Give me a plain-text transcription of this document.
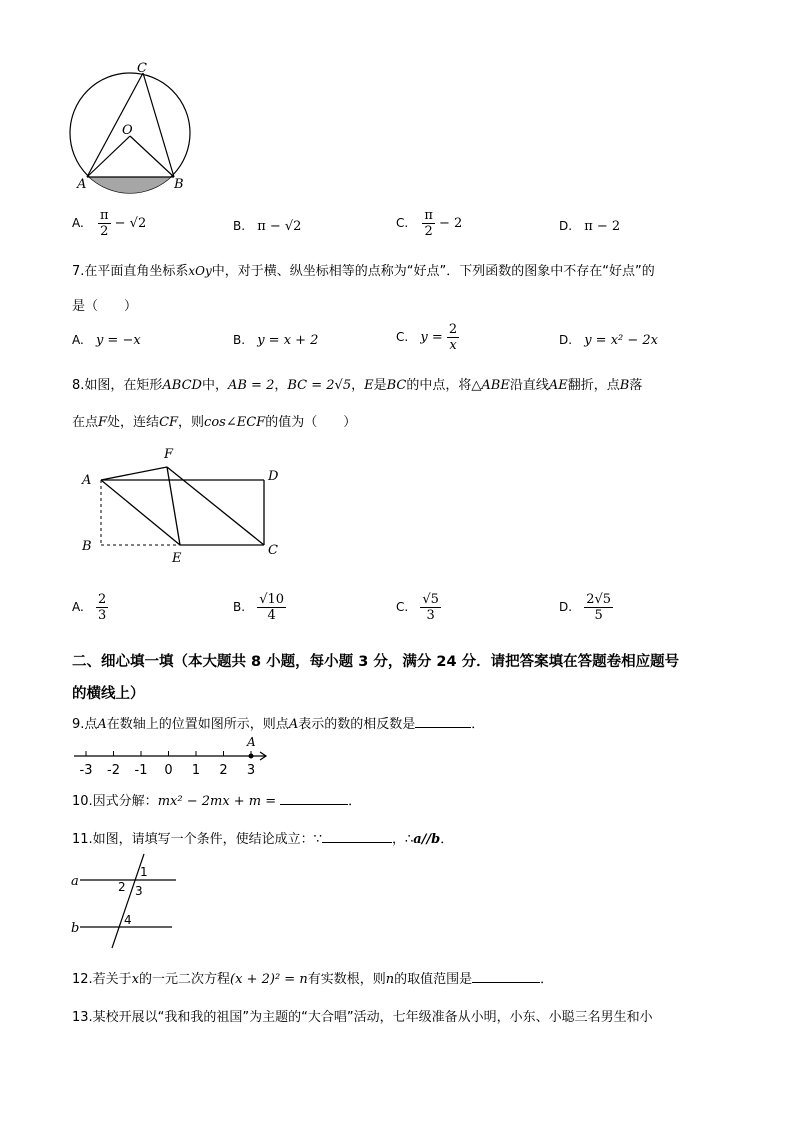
C
O
A	B
A. $\frac{\pi}{2} - √2$	B. π − √2	C. $\frac{\pi}{2} - 2$	D. π − 2
7.在平面直角坐标系xOy中，对于横、纵坐标相等的点称为“好点”．下列函数的图象中不存在“好点”的
是（　　）
A. y = −x	B. y = x + 2	C. $y = \frac{2}{x}$	D. y = x² − 2x
8.如图，在矩形ABCD中，AB = 2，BC = 2√5，E是BC的中点，将△ABE沿直线AE翻折，点B落
在点F处，连结CF，则cos∠ECF的值为（　　）
A
F
D
B
E
C
A. $\frac{2}{3}$	B. $\frac{√10}{4}$	C. $\frac{√5}{3}$	D. $\frac{2√5}{5}$
二、细心填一填（本大题共 8 小题，每小题 3 分，满分 24 分．请把答案填在答题卷相应题号
的横线上）
9.点A在数轴上的位置如图所示，则点A表示的数的相反数是	．
-3 -2 -1 0 1 2 3
A
10.因式分解：mx² − 2mx + m =	．
11.如图，请填写一个条件，使结论成立：∵	，∴a//b．
a
b
1
2 3
4
12.若关于x的一元二次方程(x + 2)² = n有实数根，则n的取值范围是	．
13.某校开展以“我和我的祖国”为主题的“大合唱”活动，七年级准备从小明，小东、小聪三名男生和小
